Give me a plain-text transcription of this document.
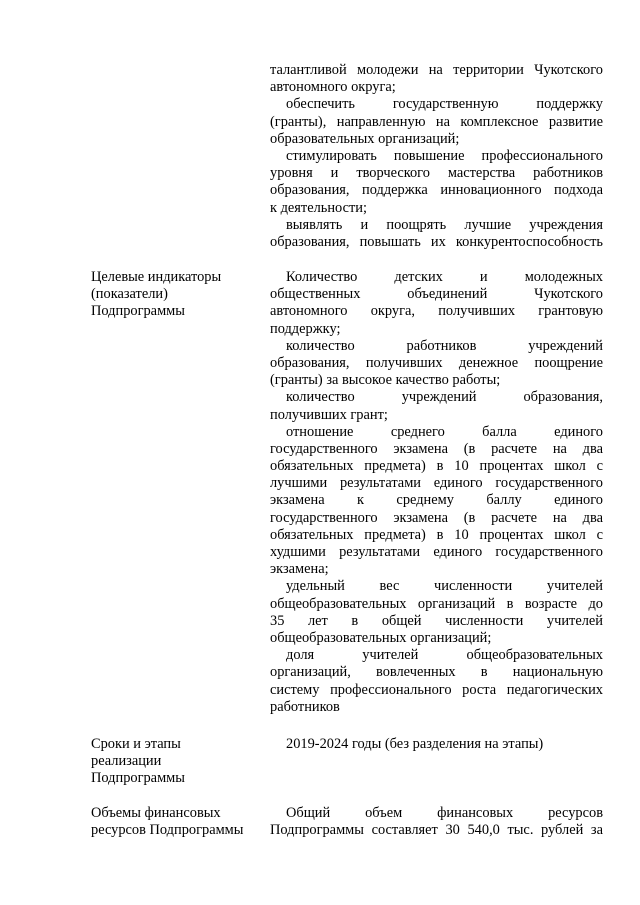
талантливой молодежи на территории Чукотского
автономного округа;
обеспечить государственную поддержку
(гранты), направленную на комплексное развитие
образовательных организаций;
стимулировать повышение профессионального
уровня и творческого мастерства работников
образования, поддержка инновационного подхода
к деятельности;
выявлять и поощрять лучшие учреждения
образования, повышать их конкурентоспособность
Целевые индикаторы
(показатели)
Подпрограммы
Количество детских и молодежных
общественных объединений Чукотского
автономного округа, получивших грантовую
поддержку;
количество работников учреждений
образования, получивших денежное поощрение
(гранты) за высокое качество работы;
количество учреждений образования,
получивших грант;
отношение среднего балла единого
государственного экзамена (в расчете на два
обязательных предмета) в 10 процентах школ с
лучшими результатами единого государственного
экзамена к среднему баллу единого
государственного экзамена (в расчете на два
обязательных предмета) в 10 процентах школ с
худшими результатами единого государственного
экзамена;
удельный вес численности учителей
общеобразовательных организаций в возрасте до
35 лет в общей численности учителей
общеобразовательных организаций;
доля учителей общеобразовательных
организаций, вовлеченных в национальную
систему профессионального роста педагогических
работников
Сроки и этапы
реализации
Подпрограммы
2019-2024 годы (без разделения на этапы)
Объемы финансовых
ресурсов Подпрограммы
Общий объем финансовых ресурсов
Подпрограммы составляет 30 540,0 тыс. рублей за
